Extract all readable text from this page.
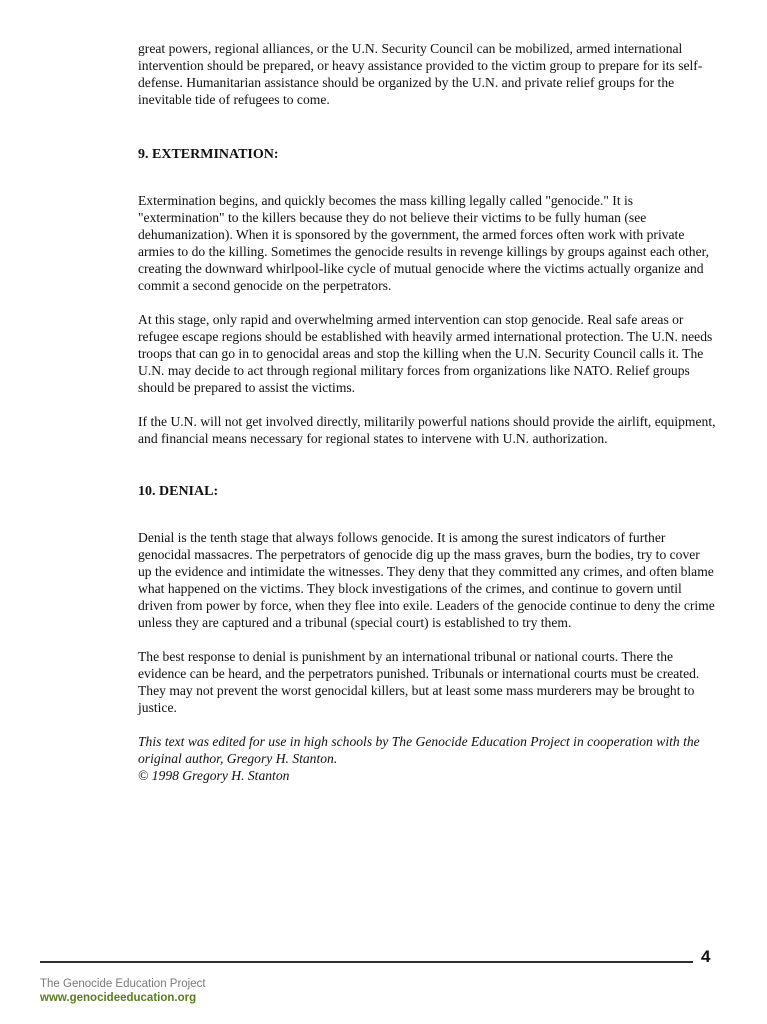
great powers, regional alliances, or the U.N. Security Council can be mobilized, armed international intervention should be prepared, or heavy assistance provided to the victim group to prepare for its self-defense. Humanitarian assistance should be organized by the U.N. and private relief groups for the inevitable tide of refugees to come.

9. EXTERMINATION:

Extermination begins, and quickly becomes the mass killing legally called "genocide." It is "extermination" to the killers because they do not believe their victims to be fully human (see dehumanization). When it is sponsored by the government, the armed forces often work with private armies to do the killing. Sometimes the genocide results in revenge killings by groups against each other, creating the downward whirlpool-like cycle of mutual genocide where the victims actually organize and commit a second genocide on the perpetrators.

At this stage, only rapid and overwhelming armed intervention can stop genocide. Real safe areas or refugee escape regions should be established with heavily armed international protection. The U.N. needs troops that can go in to genocidal areas and stop the killing when the U.N. Security Council calls it. The U.N. may decide to act through regional military forces from organizations like NATO. Relief groups should be prepared to assist the victims.

If the U.N. will not get involved directly, militarily powerful nations should provide the airlift, equipment, and financial means necessary for regional states to intervene with U.N. authorization.

10. DENIAL:

Denial is the tenth stage that always follows genocide. It is among the surest indicators of further genocidal massacres. The perpetrators of genocide dig up the mass graves, burn the bodies, try to cover up the evidence and intimidate the witnesses. They deny that they committed any crimes, and often blame what happened on the victims. They block investigations of the crimes, and continue to govern until driven from power by force, when they flee into exile. Leaders of the genocide continue to deny the crime unless they are captured and a tribunal (special court) is established to try them.

The best response to denial is punishment by an international tribunal or national courts. There the evidence can be heard, and the perpetrators punished. Tribunals or international courts must be created. They may not prevent the worst genocidal killers, but at least some mass murderers may be brought to justice.

This text was edited for use in high schools by The Genocide Education Project in cooperation with the original author, Gregory H. Stanton.

© 1998 Gregory H. Stanton

4
The Genocide Education Project
www.genocideeducation.org
